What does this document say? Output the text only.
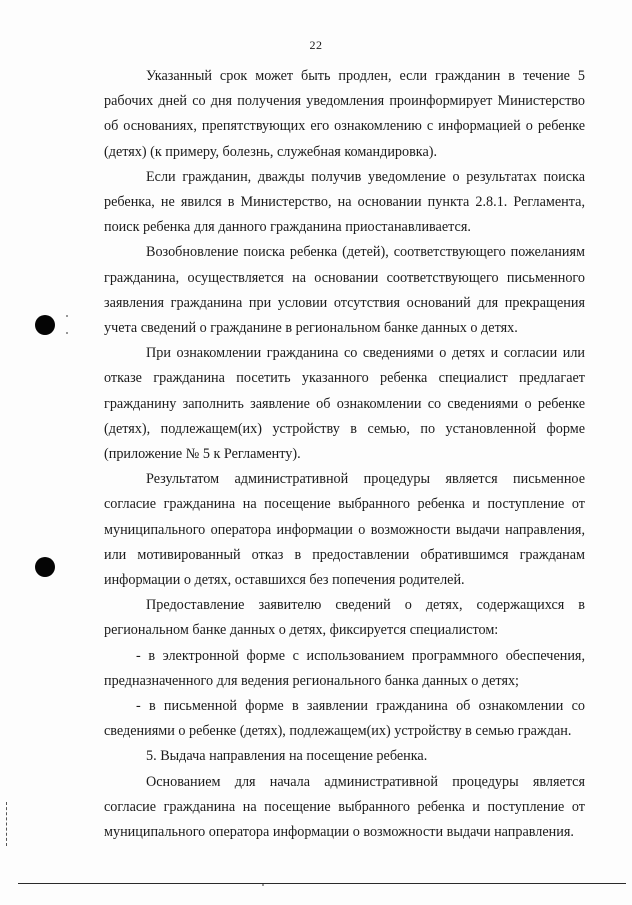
22

Указанный срок может быть продлен, если гражданин в течение 5 рабочих дней со дня получения уведомления проинформирует Министерство об основаниях, препятствующих его ознакомлению с информацией о ребенке (детях) (к примеру, болезнь, служебная командировка).

Если гражданин, дважды получив уведомление о результатах поиска ребенка, не явился в Министерство, на основании пункта 2.8.1. Регламента, поиск ребенка для данного гражданина приостанавливается.

Возобновление поиска ребенка (детей), соответствующего пожеланиям гражданина, осуществляется на основании соответствующего письменного заявления гражданина при условии отсутствия оснований для прекращения учета сведений о гражданине в региональном банке данных о детях.

При ознакомлении гражданина со сведениями о детях и согласии или отказе гражданина посетить указанного ребенка специалист предлагает гражданину заполнить заявление об ознакомлении со сведениями о ребенке (детях), подлежащем(их) устройству в семью, по установленной форме (приложение № 5 к Регламенту).

Результатом административной процедуры является письменное согласие гражданина на посещение выбранного ребенка и поступление от муниципального оператора информации о возможности выдачи направления, или мотивированный отказ в предоставлении обратившимся гражданам информации о детях, оставшихся без попечения родителей.

Предоставление заявителю сведений о детях, содержащихся в региональном банке данных о детях, фиксируется специалистом:

- в электронной форме с использованием программного обеспечения, предназначенного для ведения регионального банка данных о детях;

- в письменной форме в заявлении гражданина об ознакомлении со сведениями о ребенке (детях), подлежащем(их) устройству в семью граждан.

5. Выдача направления на посещение ребенка.

Основанием для начала административной процедуры является согласие гражданина на посещение выбранного ребенка и поступление от муниципального оператора информации о возможности выдачи направления.
